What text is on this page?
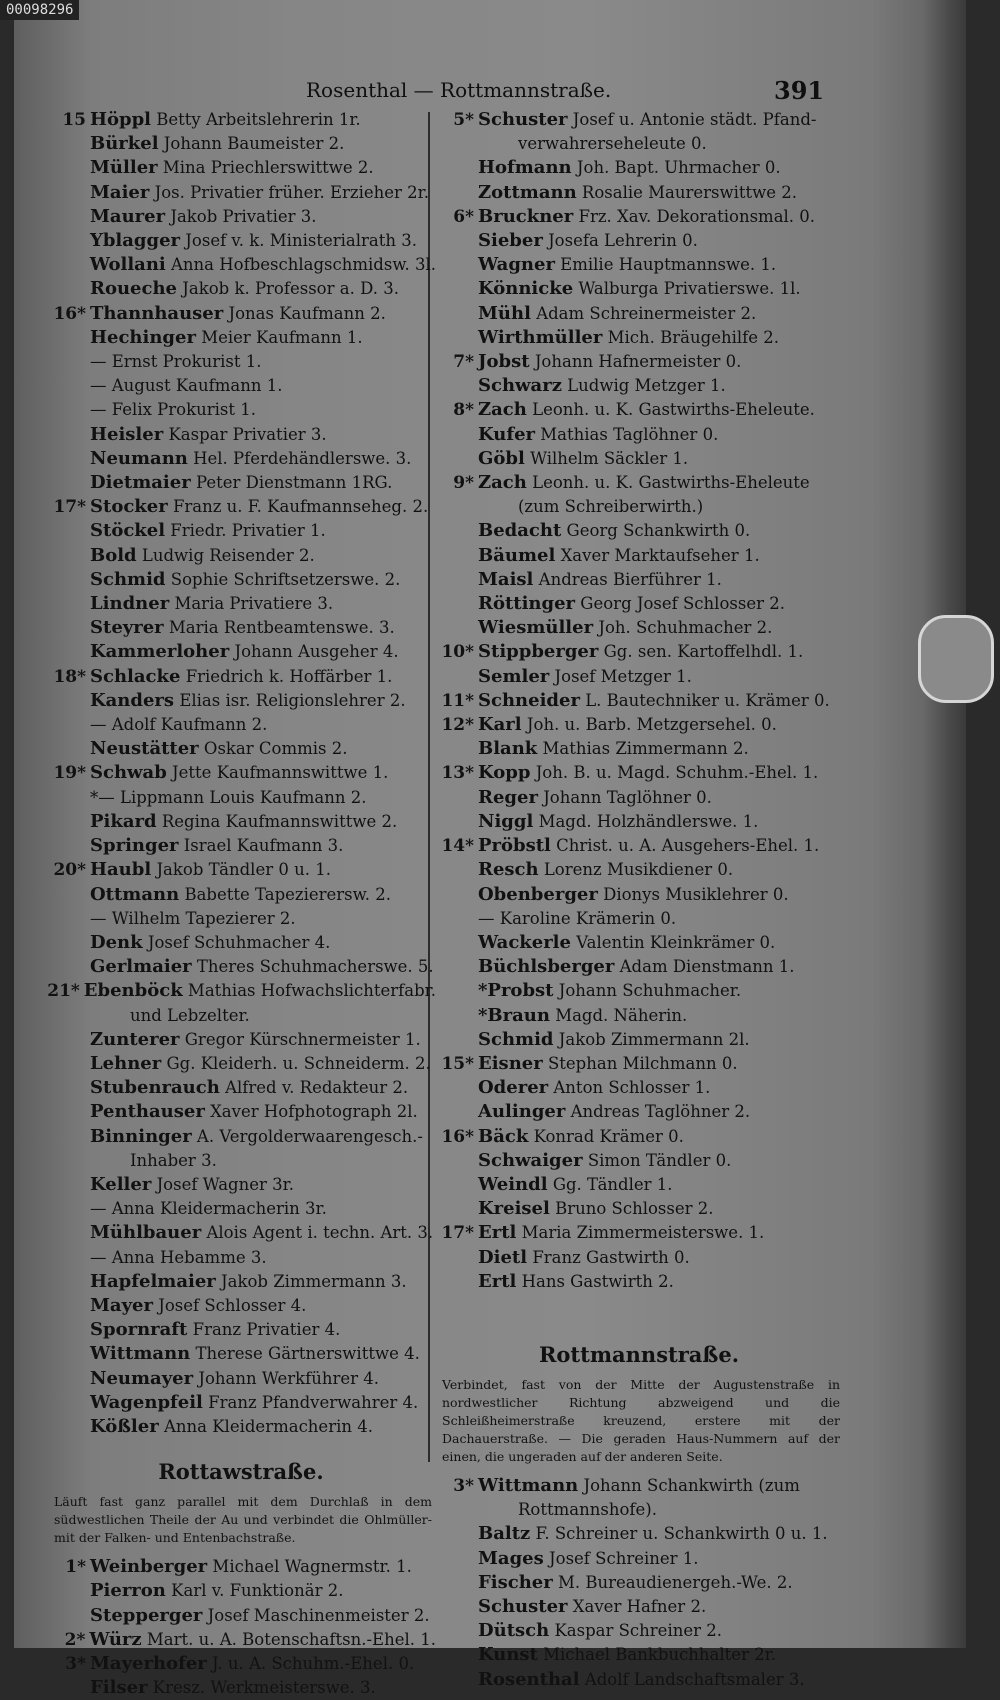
Rosenthal — Rottmannstraße.	391
15 Höppl Betty Arbeitslehrerin 1r.
Bürkel Johann Baumeister 2.
Müller Mina Priechlerswittwe 2.
Maier Jos. Privatier früher. Erzieher 2r.
Maurer Jakob Privatier 3.
Yblagger Josef v. k. Ministerialrath 3.
Wollani Anna Hofbeschlagschmidsw. 3l.
Roueche Jakob k. Professor a. D. 3.
16* Thannhauser Jonas Kaufmann 2.
Hechinger Meier Kaufmann 1.
— Ernst Prokurist 1.
— August Kaufmann 1.
— Felix Prokurist 1.
Heisler Kaspar Privatier 3.
Neumann Hel. Pferdehändlerswe. 3.
Dietmaier Peter Dienstmann 1RG.
17* Stocker Franz u. F. Kaufmannseheg. 2.
Stöckel Friedr. Privatier 1.
Bold Ludwig Reisender 2.
Schmid Sophie Schriftsetzerswe. 2.
Lindner Maria Privatiere 3.
Steyrer Maria Rentbeamtenswe. 3.
Kammerloher Johann Ausgeher 4.
18* Schlacke Friedrich k. Hoffärber 1.
Kanders Elias isr. Religionslehrer 2.
— Adolf Kaufmann 2.
Neustätter Oskar Commis 2.
19* Schwab Jette Kaufmannswittwe 1.
*— Lippmann Louis Kaufmann 2.
Pikard Regina Kaufmannswittwe 2.
Springer Israel Kaufmann 3.
20* Haubl Jakob Tändler 0 u. 1.
Ottmann Babette Tapezierersw. 2.
— Wilhelm Tapezierer 2.
Denk Josef Schuhmacher 4.
Gerlmaier Theres Schuhmacherswe. 5.
21* Ebenböck Mathias Hofwachslichterfabr.
und Lebzelter.
Zunterer Gregor Kürschnermeister 1.
Lehner Gg. Kleiderh. u. Schneiderm. 2.
Stubenrauch Alfred v. Redakteur 2.
Penthauser Xaver Hofphotograph 2l.
Binninger A. Vergolderwaarengesch.-
Inhaber 3.
Keller Josef Wagner 3r.
— Anna Kleidermacherin 3r.
Mühlbauer Alois Agent i. techn. Art. 3.
— Anna Hebamme 3.
Hapfelmaier Jakob Zimmermann 3.
Mayer Josef Schlosser 4.
Spornraft Franz Privatier 4.
Wittmann Therese Gärtnerswittwe 4.
Neumayer Johann Werkführer 4.
Wagenpfeil Franz Pfandverwahrer 4.
Kößler Anna Kleidermacherin 4.
Rottawstraße.
Läuft fast ganz parallel mit dem Durchlaß in dem südwestlichen Theile der Au und verbindet die Ohlmüller- mit der Falken- und Entenbachstraße.
1* Weinberger Michael Wagnermstr. 1.
Pierron Karl v. Funktionär 2.
Stepperger Josef Maschinenmeister 2.
2* Würz Mart. u. A. Botenschaftsn.-Ehel. 1.
3* Mayerhofer J. u. A. Schuhm.-Ehel. 0.
Filser Kresz. Werkmeisterswe. 3.
5* Schuster Josef u. Antonie städt. Pfand-
verwahrerseheleute 0.
Hofmann Joh. Bapt. Uhrmacher 0.
Zottmann Rosalie Maurerswittwe 2.
6* Bruckner Frz. Xav. Dekorationsmal. 0.
Sieber Josefa Lehrerin 0.
Wagner Emilie Hauptmannswe. 1.
Könnicke Walburga Privatierswe. 1l.
Mühl Adam Schreinermeister 2.
Wirthmüller Mich. Bräugehilfe 2.
7* Jobst Johann Hafnermeister 0.
Schwarz Ludwig Metzger 1.
8* Zach Leonh. u. K. Gastwirths-Eheleute.
Kufer Mathias Taglöhner 0.
Göbl Wilhelm Säckler 1.
9* Zach Leonh. u. K. Gastwirths-Eheleute
(zum Schreiberwirth.)
Bedacht Georg Schankwirth 0.
Bäumel Xaver Marktaufseher 1.
Maisl Andreas Bierführer 1.
Röttinger Georg Josef Schlosser 2.
Wiesmüller Joh. Schuhmacher 2.
10* Stippberger Gg. sen. Kartoffelhdl. 1.
Semler Josef Metzger 1.
11* Schneider L. Bautechniker u. Krämer 0.
12* Karl Joh. u. Barb. Metzgersehel. 0.
Blank Mathias Zimmermann 2.
13* Kopp Joh. B. u. Magd. Schuhm.-Ehel. 1.
Reger Johann Taglöhner 0.
Niggl Magd. Holzhändlerswe. 1.
14* Pröbstl Christ. u. A. Ausgehers-Ehel. 1.
Resch Lorenz Musikdiener 0.
Obenberger Dionys Musiklehrer 0.
— Karoline Krämerin 0.
Wackerle Valentin Kleinkrämer 0.
Büchlsberger Adam Dienstmann 1.
*Probst Johann Schuhmacher.
*Braun Magd. Näherin.
Schmid Jakob Zimmermann 2l.
15* Eisner Stephan Milchmann 0.
Oderer Anton Schlosser 1.
Aulinger Andreas Taglöhner 2.
16* Bäck Konrad Krämer 0.
Schwaiger Simon Tändler 0.
Weindl Gg. Tändler 1.
Kreisel Bruno Schlosser 2.
17* Ertl Maria Zimmermeisterswe. 1.
Dietl Franz Gastwirth 0.
Ertl Hans Gastwirth 2.
Rottmannstraße.
Verbindet, fast von der Mitte der Augustenstraße in nordwestlicher Richtung abzweigend und die Schleißheimerstraße kreuzend, erstere mit der Dachauerstraße. — Die geraden Haus-Nummern auf der einen, die ungeraden auf der anderen Seite.
3* Wittmann Johann Schankwirth (zum
Rottmannshofe).
Baltz F. Schreiner u. Schankwirth 0 u. 1.
Mages Josef Schreiner 1.
Fischer M. Bureaudienergeh.-We. 2.
Schuster Xaver Hafner 2.
Dütsch Kaspar Schreiner 2.
Kunst Michael Bankbuchhalter 2r.
Rosenthal Adolf Landschaftsmaler 3.
00098296
